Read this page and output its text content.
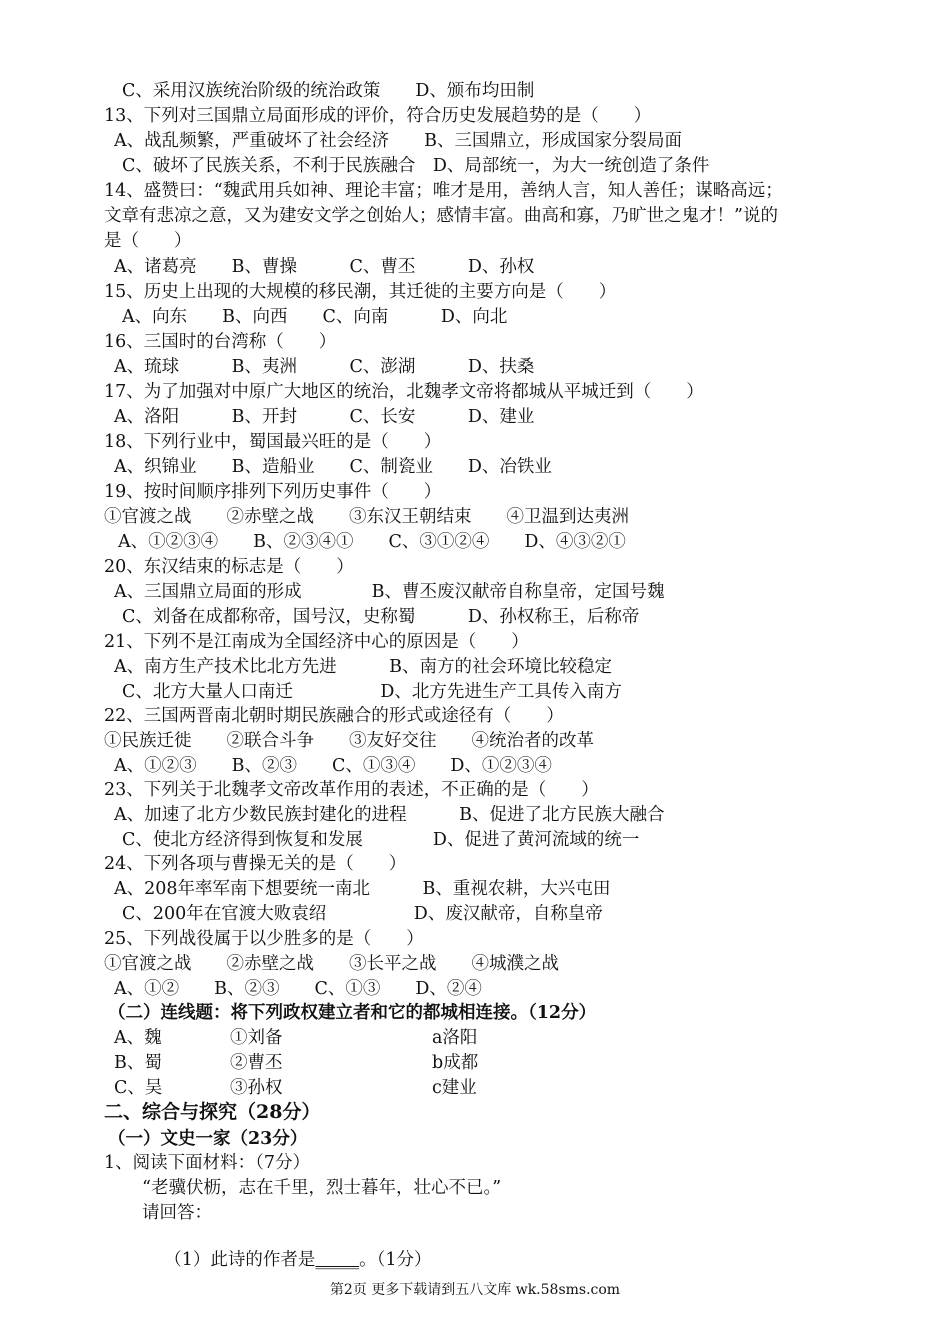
C、采用汉族统治阶级的统治政策　　D、颁布均田制
13、下列对三国鼎立局面形成的评价，符合历史发展趋势的是（　　）
A、战乱频繁，严重破坏了社会经济　　B、三国鼎立，形成国家分裂局面
C、破坏了民族关系，不利于民族融合　D、局部统一，为大一统创造了条件
14、盛赞曰：“魏武用兵如神、理论丰富；唯才是用，善纳人言，知人善任；谋略高远；
文章有悲凉之意，又为建安文学之创始人；感情丰富。曲高和寡，乃旷世之鬼才！”说的
是（　　）
A、诸葛亮　　B、曹操　　　C、曹丕　　　D、孙权
15、历史上出现的大规模的移民潮，其迁徙的主要方向是（　　）
A、向东　　B、向西　　C、向南　　　D、向北
16、三国时的台湾称（　　）
A、琉球　　　B、夷洲　　　C、澎湖　　　D、扶桑
17、为了加强对中原广大地区的统治，北魏孝文帝将都城从平城迁到（　　）
A、洛阳　　　B、开封　　　C、长安　　　D、建业
18、下列行业中，蜀国最兴旺的是（　　）
A、织锦业　　B、造船业　　C、制瓷业　　D、冶铁业
19、按时间顺序排列下列历史事件（　　）
①官渡之战　　②赤壁之战　　③东汉王朝结束　　④卫温到达夷洲
A、①②③④　　B、②③④①　　C、③①②④　　D、④③②①
20、东汉结束的标志是（　　）
A、三国鼎立局面的形成　　　　B、曹丕废汉献帝自称皇帝，定国号魏
C、刘备在成都称帝，国号汉，史称蜀　　　D、孙权称王，后称帝
21、下列不是江南成为全国经济中心的原因是（　　）
A、南方生产技术比北方先进　　　B、南方的社会环境比较稳定
C、北方大量人口南迁　　　　　D、北方先进生产工具传入南方
22、三国两晋南北朝时期民族融合的形式或途径有（　　）
①民族迁徙　　②联合斗争　　③友好交往　　④统治者的改革
A、①②③　　B、②③　　C、①③④　　D、①②③④
23、下列关于北魏孝文帝改革作用的表述，不正确的是（　　）
A、加速了北方少数民族封建化的进程　　　B、促进了北方民族大融合
C、使北方经济得到恢复和发展　　　　D、促进了黄河流域的统一
24、下列各项与曹操无关的是（　　）
A、208年率军南下想要统一南北　　　B、重视农耕，大兴屯田
C、200年在官渡大败袁绍　　　　　D、废汉献帝，自称皇帝
25、下列战役属于以少胜多的是（　　）
①官渡之战　　②赤壁之战　　③长平之战　　④城濮之战
A、①②　　B、②③　　C、①③　　D、②④
（二）连线题：将下列政权建立者和它的都城相连接。（12分）
A、魏	①刘备	a洛阳
B、蜀	②曹丕	b成都
C、吴	③孙权	c建业
二、综合与探究（28分）
（一）文史一家（23分）
1、阅读下面材料：（7分）
“老骥伏枥，志在千里，烈士暮年，壮心不已。”
请回答：

（1）此诗的作者是_____。（1分）

第2页 更多下载请到五八文库 wk.58sms.com
